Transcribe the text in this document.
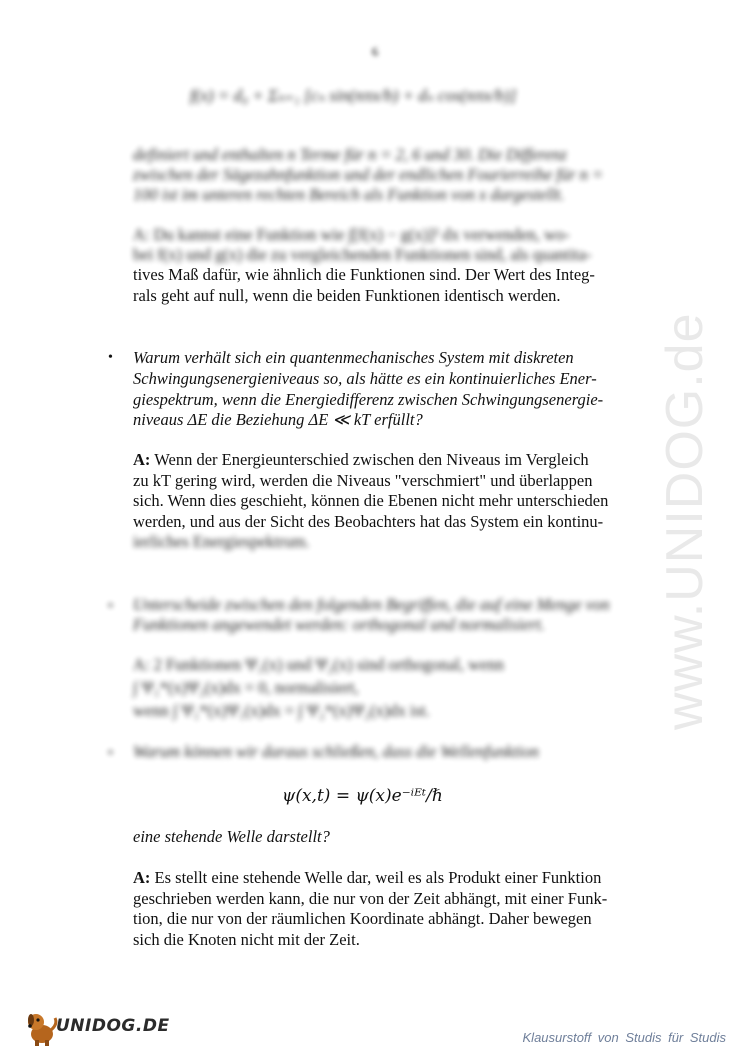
6
f(x) = d₀ + Σₙ₌₁ [cₙ sin(nπx/b) + dₙ cos(nπx/b)]
definiert und enthalten n Terme für n = 2, 6 und 30. Die Differenz
zwischen der Sägezahnfunktion und der endlichen Fourierreihe für n =
100 ist im unteren rechten Bereich als Funktion von x dargestellt.
A: Du kannst eine Funktion wie ∫[f(x) − g(x)]² dx verwenden, wo-
bei f(x) und g(x) die zu vergleichenden Funktionen sind, als quantita-
tives Maß dafür, wie ähnlich die Funktionen sind. Der Wert des Integ-
rals geht auf null, wenn die beiden Funktionen identisch werden.
• Warum verhält sich ein quantenmechanisches System mit diskreten
Schwingungsenergieniveaus so, als hätte es ein kontinuierliches Ener-
giespektrum, wenn die Energiedifferenz zwischen Schwingungsenergie-
niveaus ΔE die Beziehung ΔE ≪ kT erfüllt?
A: Wenn der Energieunterschied zwischen den Niveaus im Vergleich
zu kT gering wird, werden die Niveaus "verschmiert" und überlappen
sich. Wenn dies geschieht, können die Ebenen nicht mehr unterschieden
werden, und aus der Sicht des Beobachters hat das System ein kontinu-
ierliches Energiespektrum.
• Unterscheide zwischen den folgenden Begriffen, die auf eine Menge von
Funktionen angewendet werden: orthogonal und normalisiert.
A: 2 Funktionen Ψ₁(x) und Ψ₂(x) sind orthogonal, wenn
∫ Ψ₁*(x)Ψ₂(x)dx = 0, normalisiert,
wenn ∫ Ψ₁*(x)Ψ₁(x)dx = ∫ Ψ₂*(x)Ψ₂(x)dx ist.
• Warum können wir daraus schließen, dass die Wellenfunktion
ψ(x,t) = ψ(x)e⁻ⁱᴱᵗ/ℏ
eine stehende Welle darstellt?
A: Es stellt eine stehende Welle dar, weil es als Produkt einer Funktion
geschrieben werden kann, die nur von der Zeit abhängt, mit einer Funk-
tion, die nur von der räumlichen Koordinate abhängt. Daher bewegen
sich die Knoten nicht mit der Zeit.
www.UNIDOG.de
UNIDOG.DE
Klausurstoff von Studis für Studis
